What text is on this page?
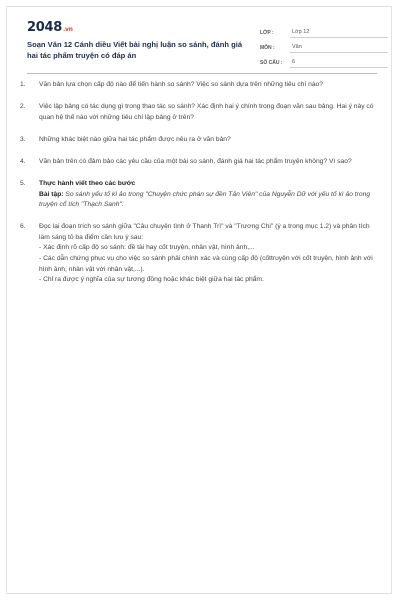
2048.vn
Soạn Văn 12 Cánh diều Viết bài nghị luận so sánh, đánh giá hai tác phẩm truyện có đáp án
LỚP :	Lớp 12
MÔN :	Văn
SỐ CÂU :	6
1. Văn bản lựa chọn cấp độ nào để tiến hành so sánh? Việc so sánh dựa trên những tiêu chí nào?
2. Việc lập bảng có tác dụng gì trong thao tác so sánh? Xác định hai ý chính trong đoạn văn sau bảng. Hai ý này có quan hệ thế nào với những tiêu chí lập bảng ở trên?
3. Những khác biệt nào giữa hai tác phẩm được nêu ra ở văn bản?
4. Văn bản trên có đảm bảo các yêu cầu của một bài so sánh, đánh giá hai tác phẩm truyện không? Vì sao?
5. Thực hành viết theo các bước
Bài tập: So sánh yếu tố kì ảo trong "Chuyện chức phán sự đền Tản Viên" của Nguyễn Dữ với yếu tố kì ảo trong truyện cổ tích "Thạch Sanh".
6. Đọc lại đoạn trích so sánh giữa "Câu chuyện tình ở Thanh Trì" và "Trương Chi" (ý a trong mục 1.2) và phân tích làm sáng tỏ ba điểm cần lưu ý sau:
- Xác định rõ cấp độ so sánh: đề tài hay cốt truyện, nhân vật, hình ảnh,...
- Các dẫn chứng phục vụ cho việc so sánh phải chính xác và cùng cấp độ (cốttruyện với cốt truyện, hình ảnh với hình ảnh, nhân vật với nhân vật,...).
- Chỉ ra được ý nghĩa của sự tương đồng hoặc khác biệt giữa hai tác phẩm.
